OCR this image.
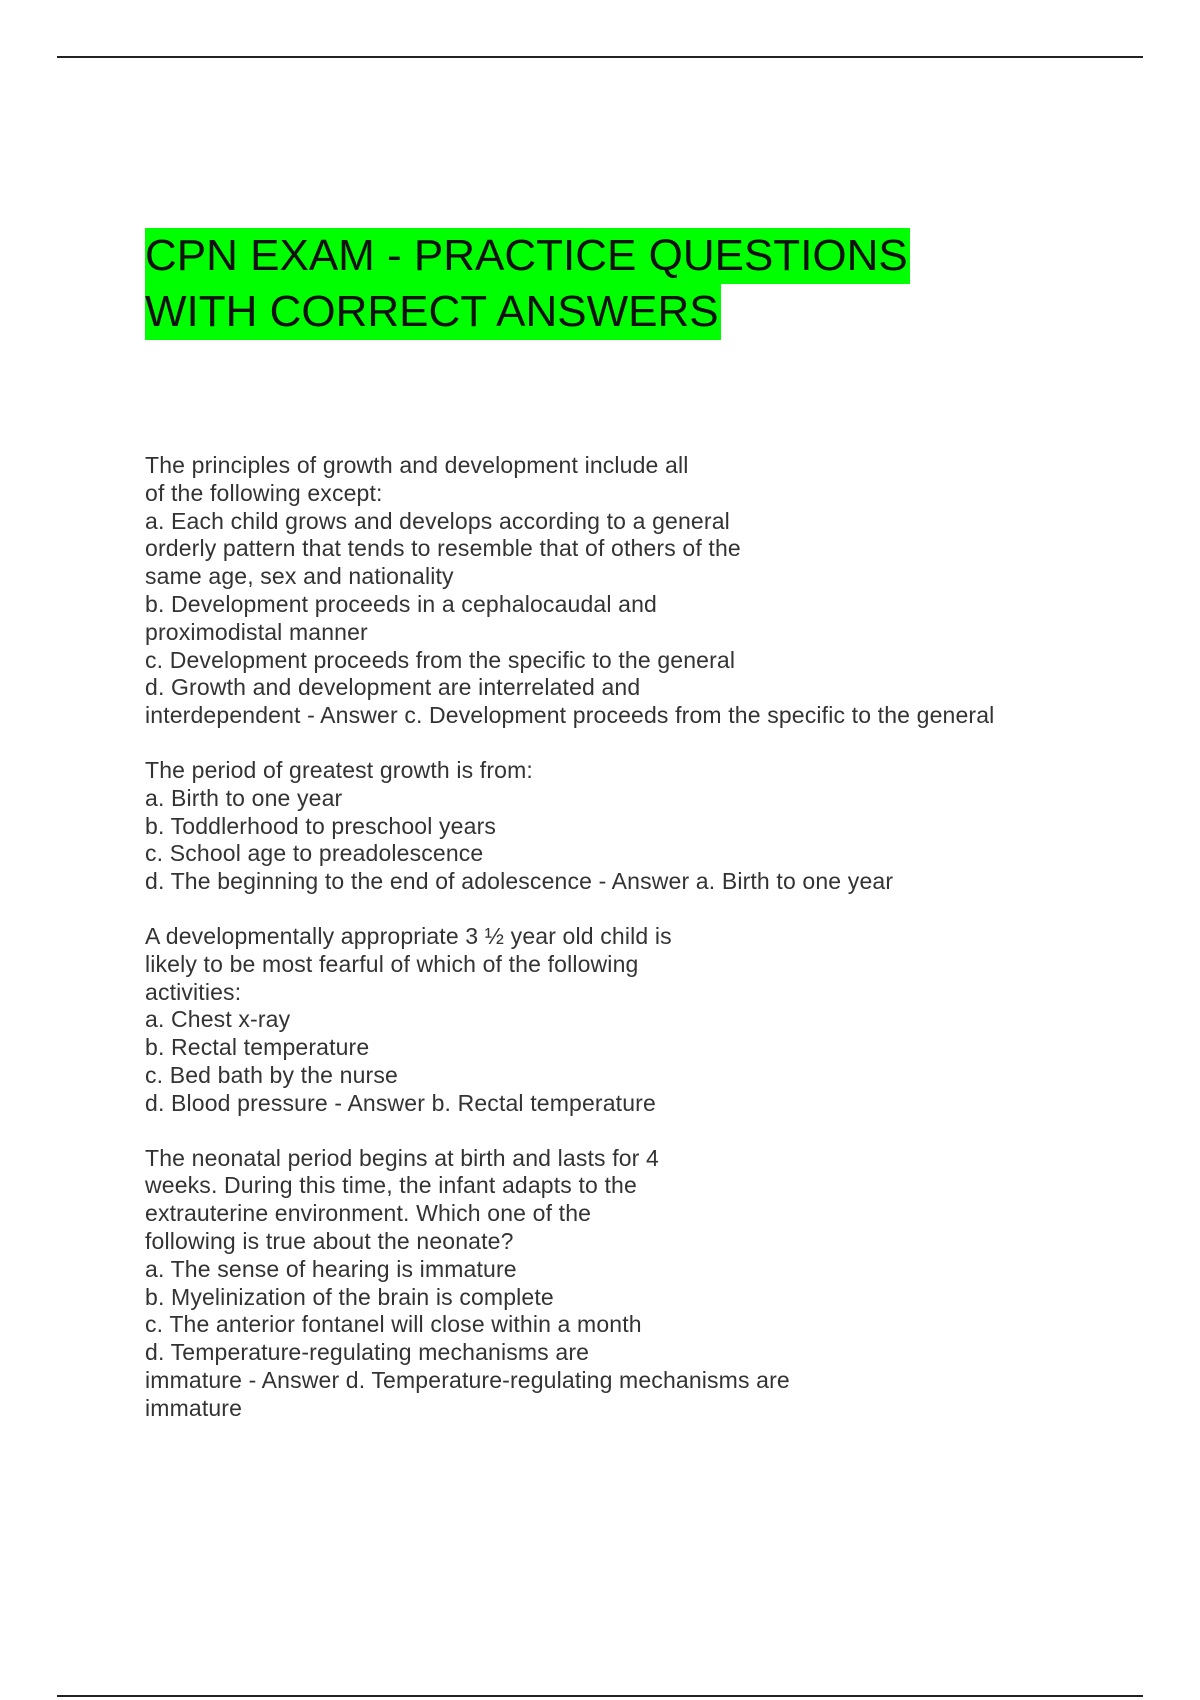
CPN EXAM - PRACTICE QUESTIONS
WITH CORRECT ANSWERS
The principles of growth and development include all
of the following except:
a. Each child grows and develops according to a general
orderly pattern that tends to resemble that of others of the
same age, sex and nationality
b. Development proceeds in a cephalocaudal and
proximodistal manner
c. Development proceeds from the specific to the general
d. Growth and development are interrelated and
interdependent - Answer c. Development proceeds from the specific to the general
The period of greatest growth is from:
a. Birth to one year
b. Toddlerhood to preschool years
c. School age to preadolescence
d. The beginning to the end of adolescence - Answer a. Birth to one year
A developmentally appropriate 3 ½ year old child is
likely to be most fearful of which of the following
activities:
a. Chest x-ray
b. Rectal temperature
c. Bed bath by the nurse
d. Blood pressure - Answer b. Rectal temperature
The neonatal period begins at birth and lasts for 4
weeks. During this time, the infant adapts to the
extrauterine environment. Which one of the
following is true about the neonate?
a. The sense of hearing is immature
b. Myelinization of the brain is complete
c. The anterior fontanel will close within a month
d. Temperature-regulating mechanisms are
immature - Answer d. Temperature-regulating mechanisms are
immature
